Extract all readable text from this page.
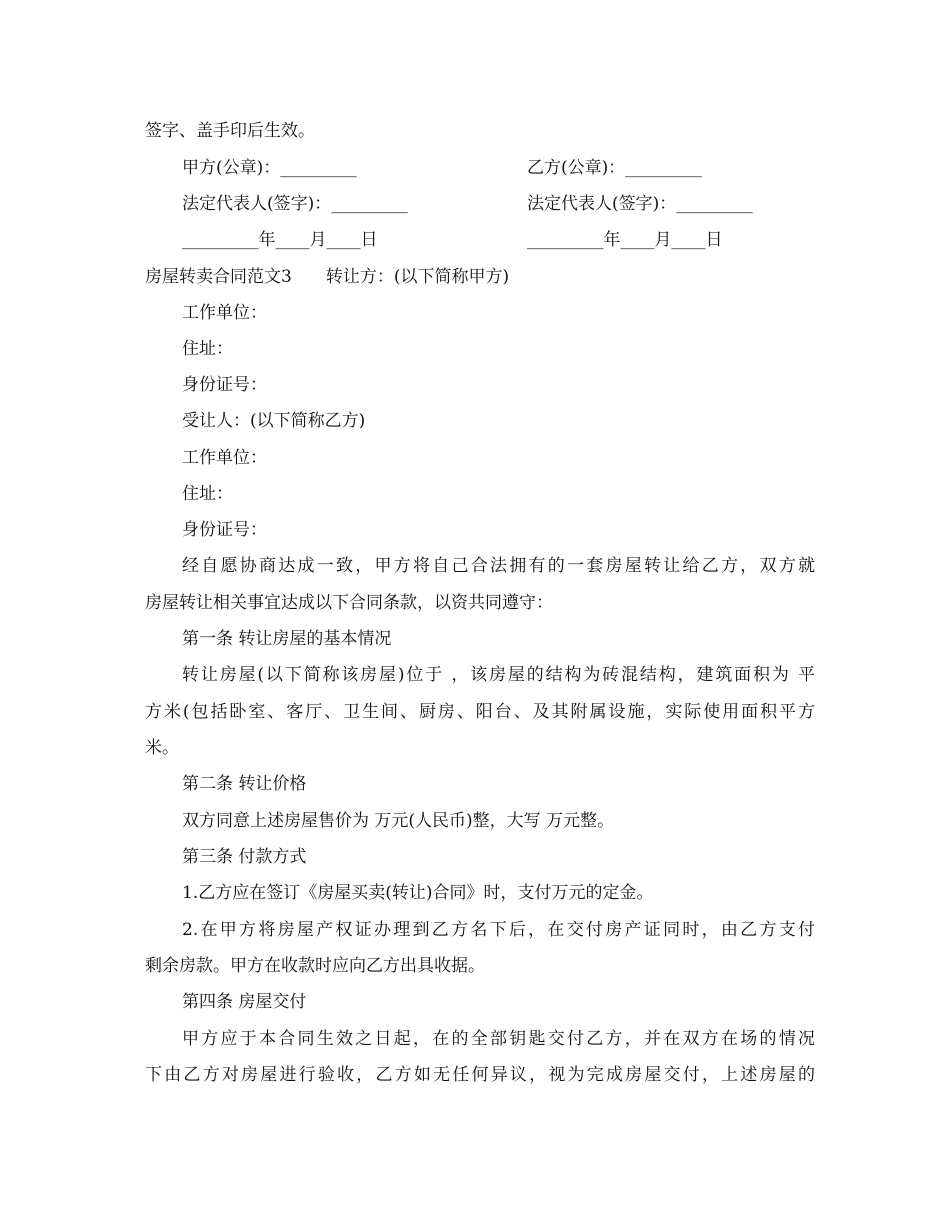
签字、盖手印后生效。
甲方(公章)：_________	乙方(公章)：_________
法定代表人(签字)：_________	法定代表人(签字)：_________
_________年____月____日	_________年____月____日
房屋转卖合同范文3　　转让方：(以下简称甲方)
工作单位：
住址：
身份证号：
受让人：(以下简称乙方)
工作单位：
住址：
身份证号：
经自愿协商达成一致，甲方将自己合法拥有的一套房屋转让给乙方，双方就
房屋转让相关事宜达成以下合同条款，以资共同遵守：
第一条 转让房屋的基本情况
转让房屋(以下简称该房屋)位于 ，该房屋的结构为砖混结构，建筑面积为 平
方米(包括卧室、客厅、卫生间、厨房、阳台、及其附属设施，实际使用面积平方
米。
第二条 转让价格
双方同意上述房屋售价为 万元(人民币)整，大写 万元整。
第三条 付款方式
1.乙方应在签订《房屋买卖(转让)合同》时，支付万元的定金。
2.在甲方将房屋产权证办理到乙方名下后，在交付房产证同时，由乙方支付
剩余房款。甲方在收款时应向乙方出具收据。
第四条 房屋交付
甲方应于本合同生效之日起，在的全部钥匙交付乙方，并在双方在场的情况
下由乙方对房屋进行验收，乙方如无任何异议，视为完成房屋交付，上述房屋的
